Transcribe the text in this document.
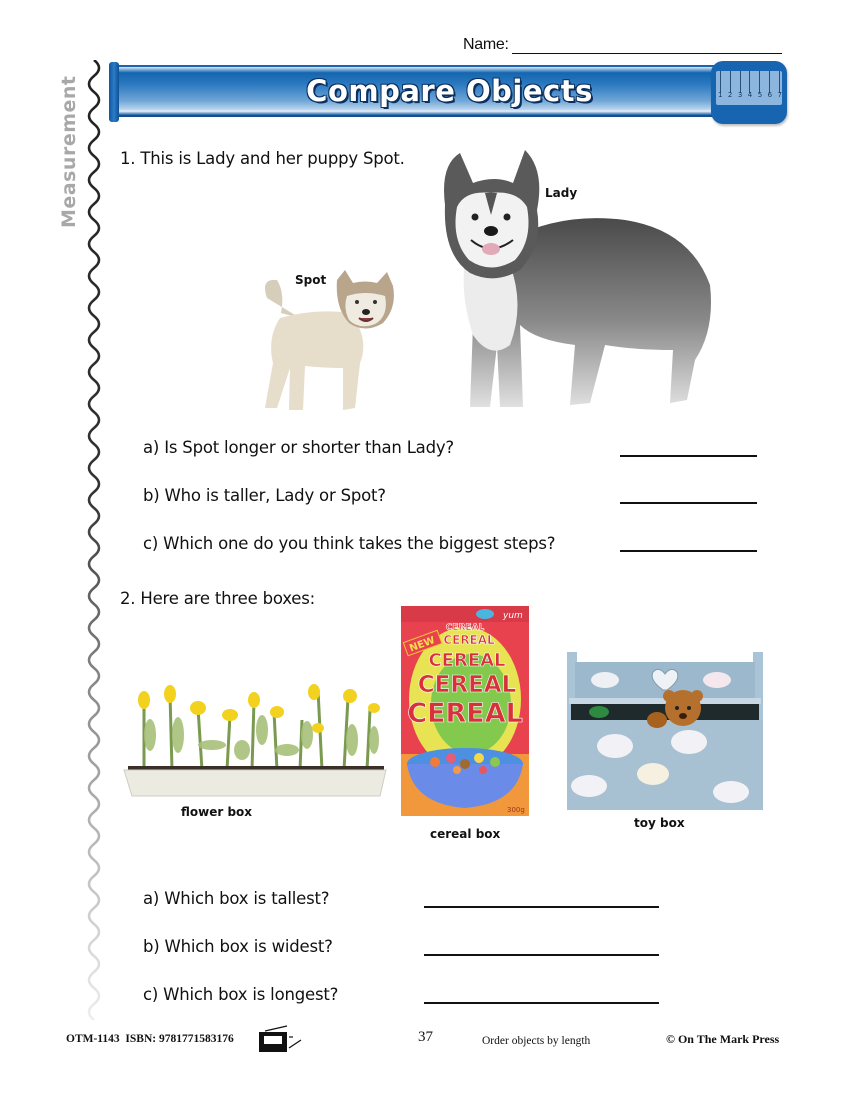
Name:
Compare Objects	1 2 3 4 5 6 7
Measurement 1. This is Lady and her puppy Spot.
Lady
Spot
a) Is Spot longer or shorter than Lady?
b) Who is taller, Lady or Spot?
c) Which one do you think takes the biggest steps?
2. Here are three boxes:
flower box
yum
NEW
CEREAL
CEREAL
CEREAL
CEREAL
CEREAL
300g
cereal box
toy box
a) Which box is tallest?
b) Which box is widest?
c) Which box is longest?
OTM-1143 ISBN: 9781771583176	37	Order objects by length	© On The Mark Press
